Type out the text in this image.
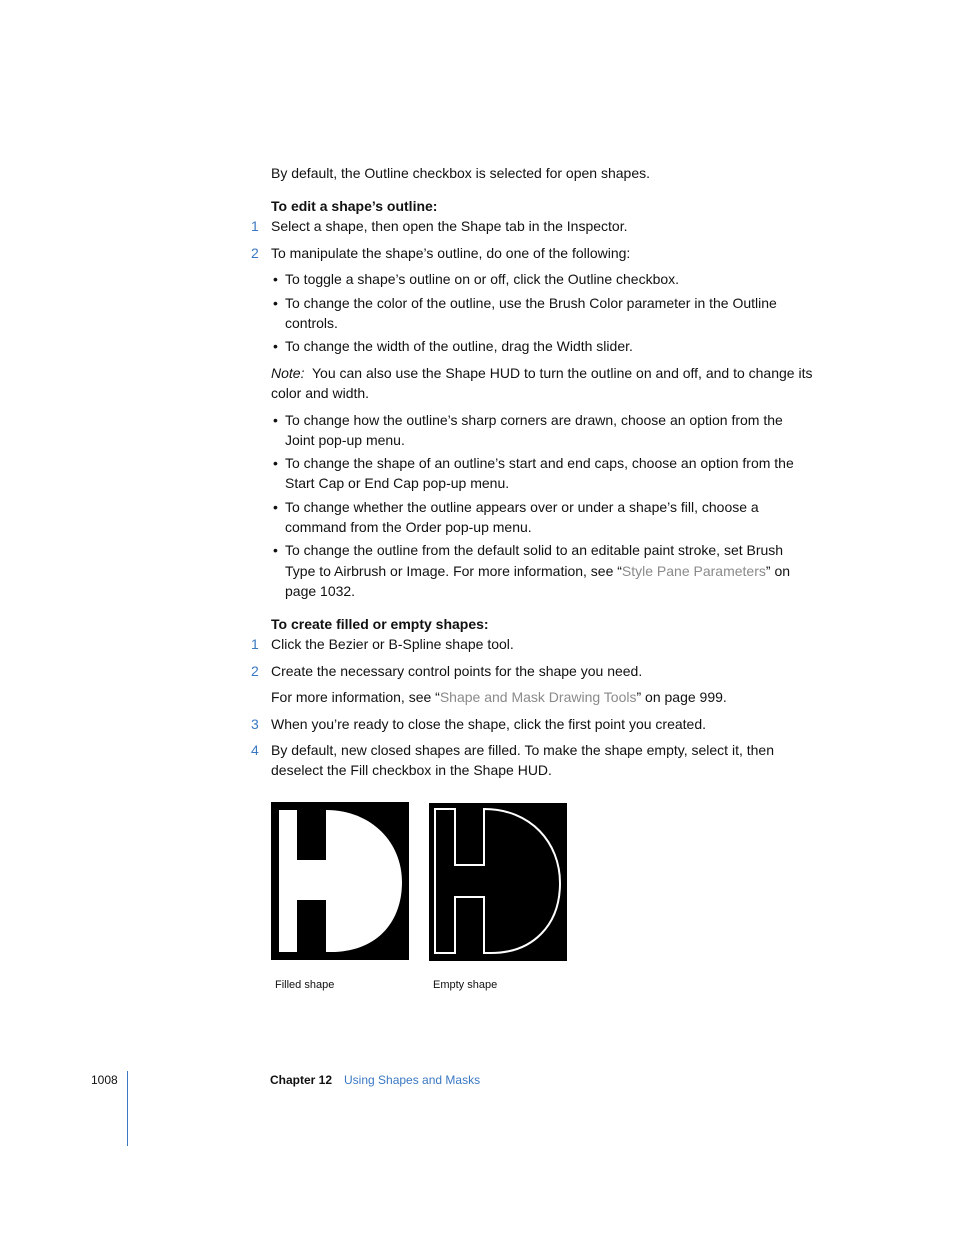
By default, the Outline checkbox is selected for open shapes.

To edit a shape’s outline:

1 Select a shape, then open the Shape tab in the Inspector.

2 To manipulate the shape’s outline, do one of the following:

• To toggle a shape’s outline on or off, click the Outline checkbox.

• To change the color of the outline, use the Brush Color parameter in the Outline

controls.

• To change the width of the outline, drag the Width slider.

Note: You can also use the Shape HUD to turn the outline on and off, and to change its

color and width.

• To change how the outline’s sharp corners are drawn, choose an option from the

Joint pop-up menu.

• To change the shape of an outline’s start and end caps, choose an option from the

Start Cap or End Cap pop-up menu.

• To change whether the outline appears over or under a shape’s fill, choose a

command from the Order pop-up menu.

• To change the outline from the default solid to an editable paint stroke, set Brush

Type to Airbrush or Image. For more information, see “Style Pane Parameters” on

page 1032.

To create filled or empty shapes:

1 Click the Bezier or B-Spline shape tool.

2 Create the necessary control points for the shape you need.

For more information, see “Shape and Mask Drawing Tools” on page 999.

3 When you’re ready to close the shape, click the first point you created.

4 By default, new closed shapes are filled. To make the shape empty, select it, then

deselect the Fill checkbox in the Shape HUD.

Filled shape	Empty shape
1008	Chapter 12 Using Shapes and Masks
